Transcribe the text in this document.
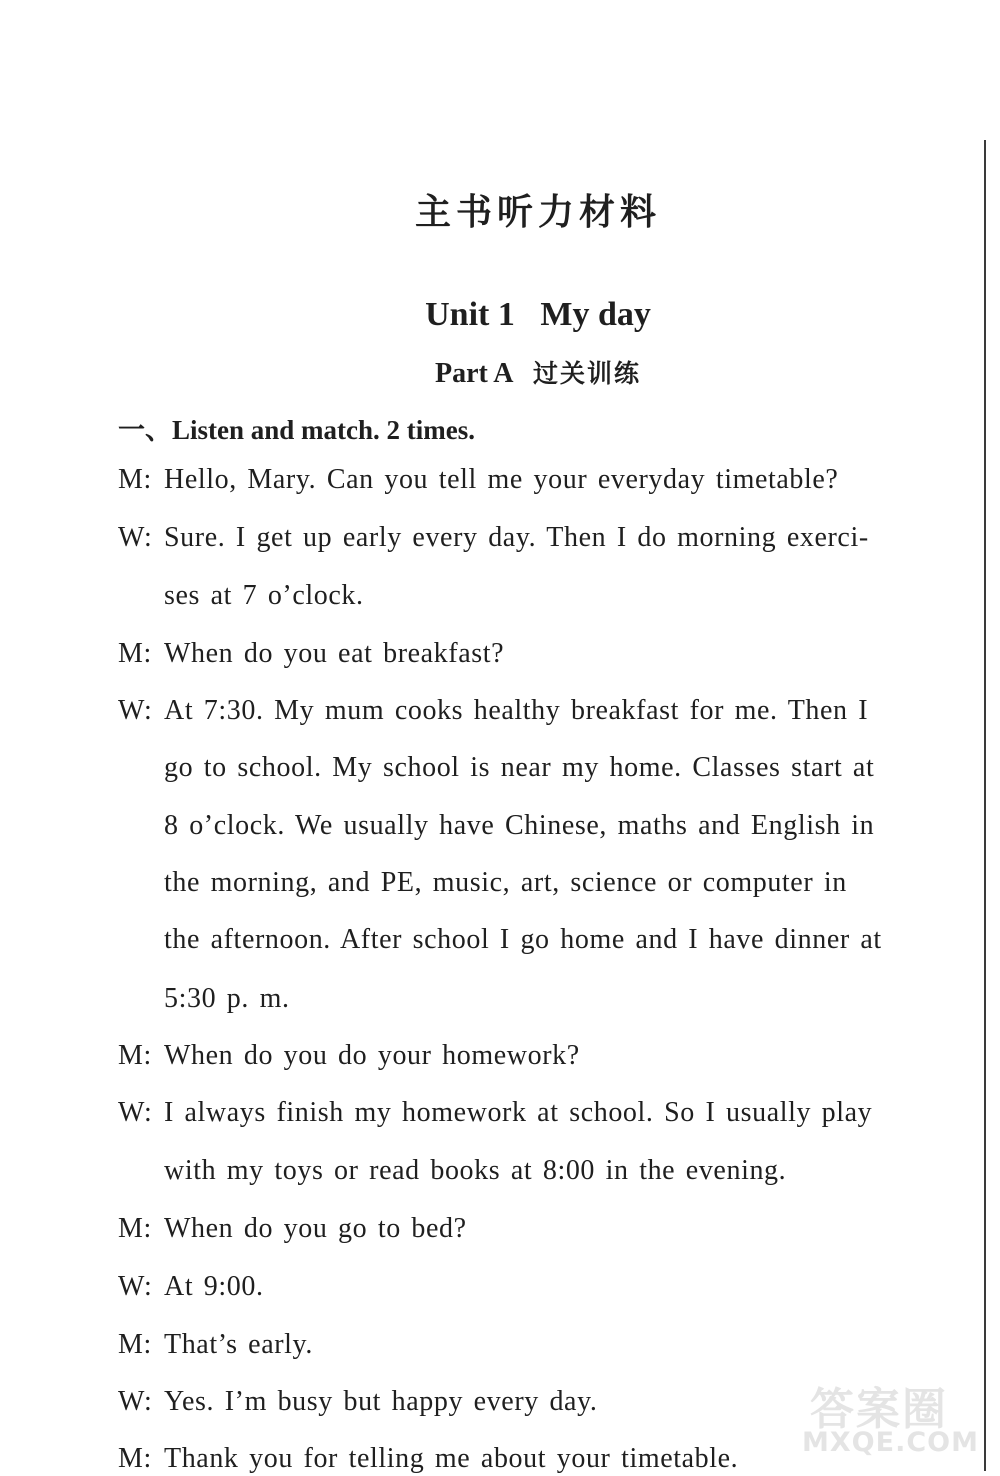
主书听力材料
Unit 1 My day
Part A 过关训练
一、Listen and match. 2 times.
M: Hello, Mary. Can you tell me your everyday timetable?
W: Sure. I get up early every day. Then I do morning exerci-
ses at 7 o’clock.
M: When do you eat breakfast?
W: At 7:30. My mum cooks healthy breakfast for me. Then I
go to school. My school is near my home. Classes start at
8 o’clock. We usually have Chinese, maths and English in
the morning, and PE, music, art, science or computer in
the afternoon. After school I go home and I have dinner at
5:30 p. m.
M: When do you do your homework?
W: I always finish my homework at school. So I usually play
with my toys or read books at 8:00 in the evening.
M: When do you go to bed?
W: At 9:00.
M: That’s early.
W: Yes. I’m busy but happy every day.
M: Thank you for telling me about your timetable.
答案圈
MXQE.COM
